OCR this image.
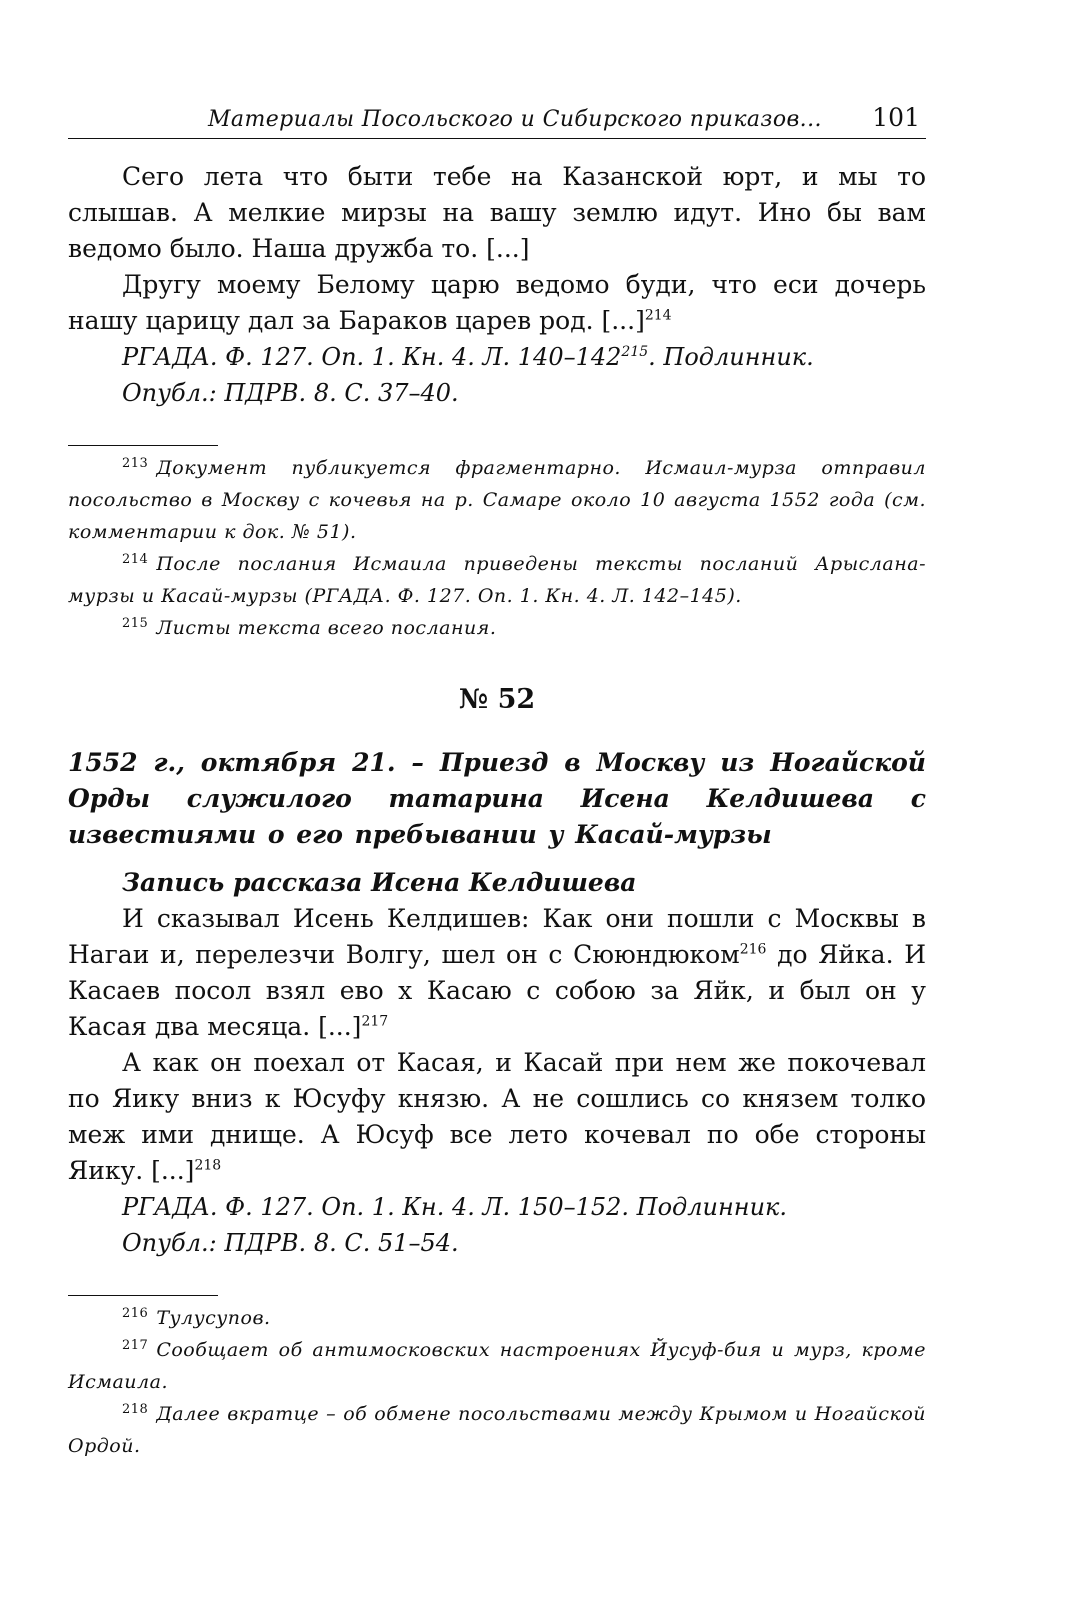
Материалы Посольского и Сибирского приказов... 101

Сего лета что быти тебе на Казанской юрт, и мы то слышав. А мелкие мирзы на вашу землю идут. Ино бы вам ведомо было. Наша дружба то. [...]

Другу моему Белому царю ведомо буди, что еси дочерь нашу царицу дал за Бараков царев род. [...]$^{214}$

РГАДА. Ф. 127. Оп. 1. Кн. 4. Л. $140-142^{215}$. Подлинник.

Опубл.: ПДРВ. 8. С. 37–40.

$^{213}$ Документ публикуется фрагментарно. Исмаил-мурза отправил посольство в Москву с кочевья на р. Самаре около 10 августа 1552 года (см. комментарии к док. № 51).

$^{214}$ После послания Исмаила приведены тексты посланий Арыслана-мурзы и Касай-мурзы (РГАДА. Ф. 127. Оп. 1. Кн. 4. Л. 142–145).

$^{215}$ Листы текста всего послания.

№ 52

1552 г., октября 21. – Приезд в Москву из Ногайской Орды служилого татарина Исена Келдишева с известиями о его пребывании у Касай-мурзы

Запись рассказа Исена Келдишева

И сказывал Исень Келдишев: Как они пошли с Москвы в Нагаи и, перелезчи Волгу, шел он с Сююндюком$^{216}$ до Яйка. И Касаев посол взял ево х Касаю с собою за Яйк, и был он у Касая два месяца. [...]$^{217}$

А как он поехал от Касая, и Касай при нем же покочевал по Яику вниз к Юсуфу князю. А не сошлись со князем толко меж ими днище. А Юсуф все лето кочевал по обе стороны Яику. [...]$^{218}$

РГАДА. Ф. 127. Оп. 1. Кн. 4. Л. 150–152. Подлинник.

Опубл.: ПДРВ. 8. С. 51–54.

$^{216}$ Тулусупов.

$^{217}$ Сообщает об антимосковских настроениях Йусуф-бия и мурз, кроме Исмаила.

$^{218}$ Далее вкратце – об обмене посольствами между Крымом и Ногайской Ордой.
